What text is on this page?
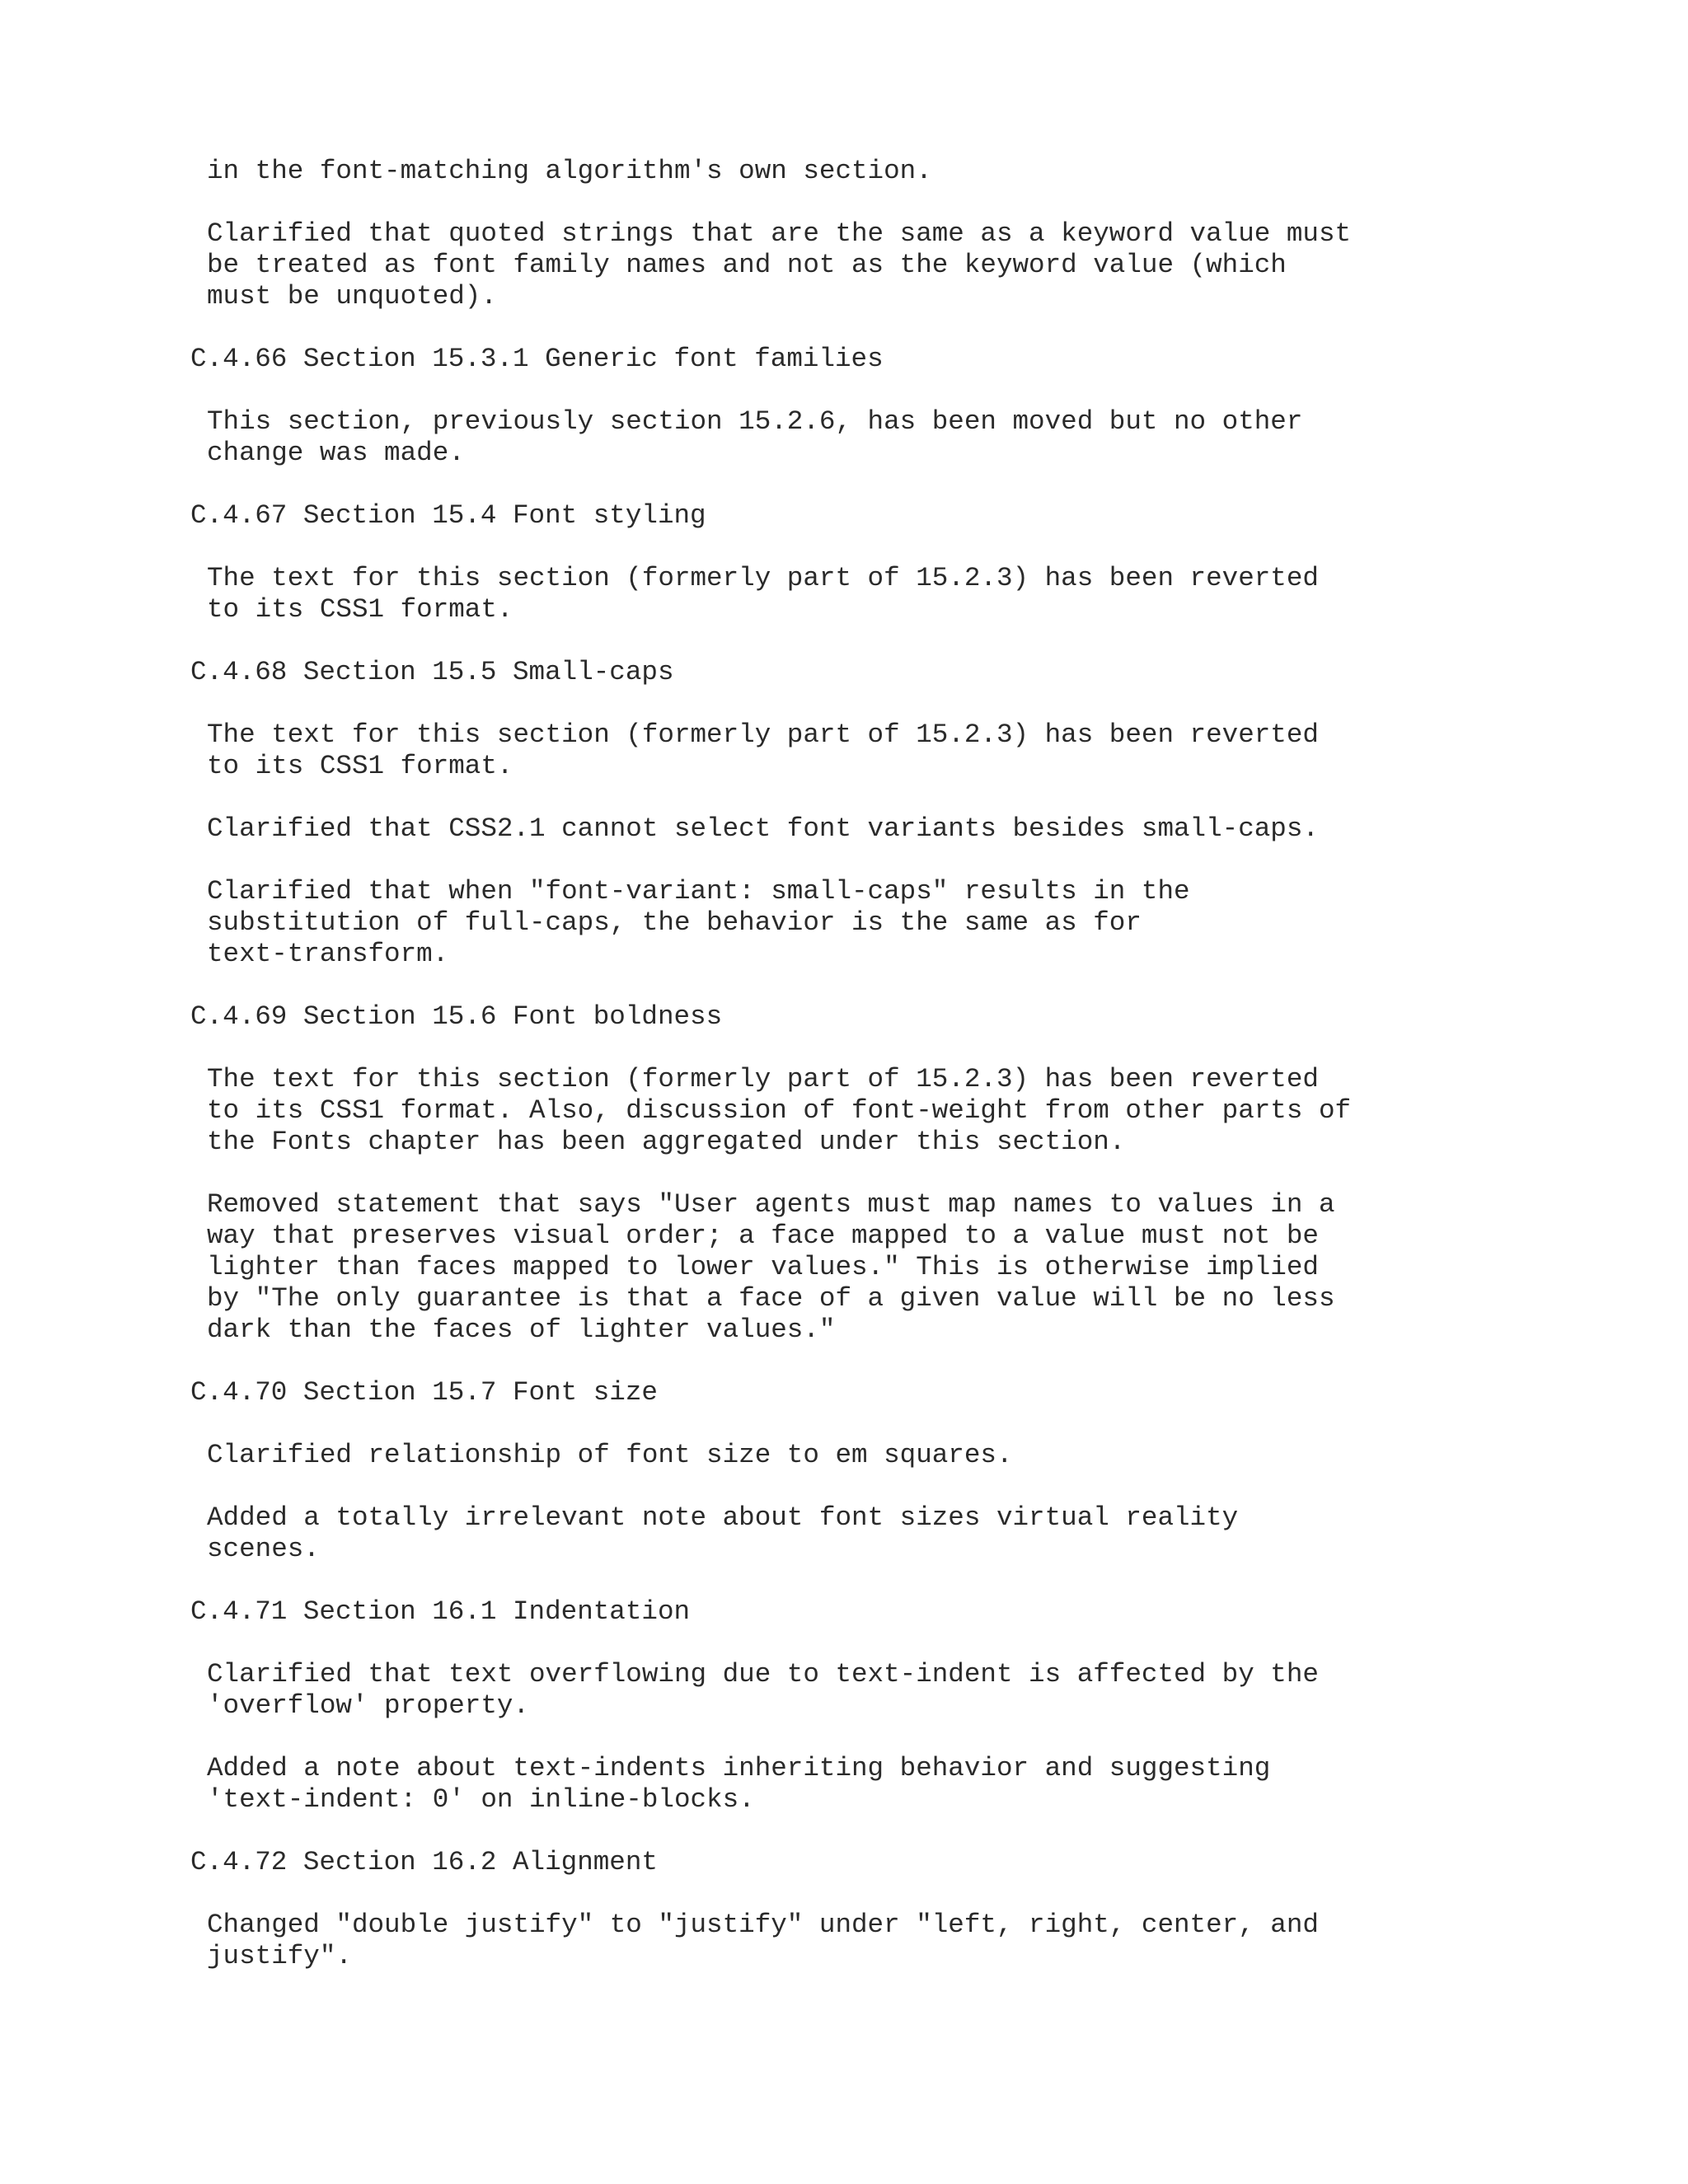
in the font-matching algorithm's own section.
Clarified that quoted strings that are the same as a keyword value must
be treated as font family names and not as the keyword value (which
must be unquoted).
C.4.66 Section 15.3.1 Generic font families
This section, previously section 15.2.6, has been moved but no other
change was made.
C.4.67 Section 15.4 Font styling
The text for this section (formerly part of 15.2.3) has been reverted
to its CSS1 format.
C.4.68 Section 15.5 Small-caps
The text for this section (formerly part of 15.2.3) has been reverted
to its CSS1 format.
Clarified that CSS2.1 cannot select font variants besides small-caps.
Clarified that when "font-variant: small-caps" results in the
substitution of full-caps, the behavior is the same as for
text-transform.
C.4.69 Section 15.6 Font boldness
The text for this section (formerly part of 15.2.3) has been reverted
to its CSS1 format. Also, discussion of font-weight from other parts of
the Fonts chapter has been aggregated under this section.
Removed statement that says "User agents must map names to values in a
way that preserves visual order; a face mapped to a value must not be
lighter than faces mapped to lower values." This is otherwise implied
by "The only guarantee is that a face of a given value will be no less
dark than the faces of lighter values."
C.4.70 Section 15.7 Font size
Clarified relationship of font size to em squares.
Added a totally irrelevant note about font sizes virtual reality
scenes.
C.4.71 Section 16.1 Indentation
Clarified that text overflowing due to text-indent is affected by the
'overflow' property.
Added a note about text-indents inheriting behavior and suggesting
'text-indent: 0' on inline-blocks.
C.4.72 Section 16.2 Alignment
Changed "double justify" to "justify" under "left, right, center, and
justify".
